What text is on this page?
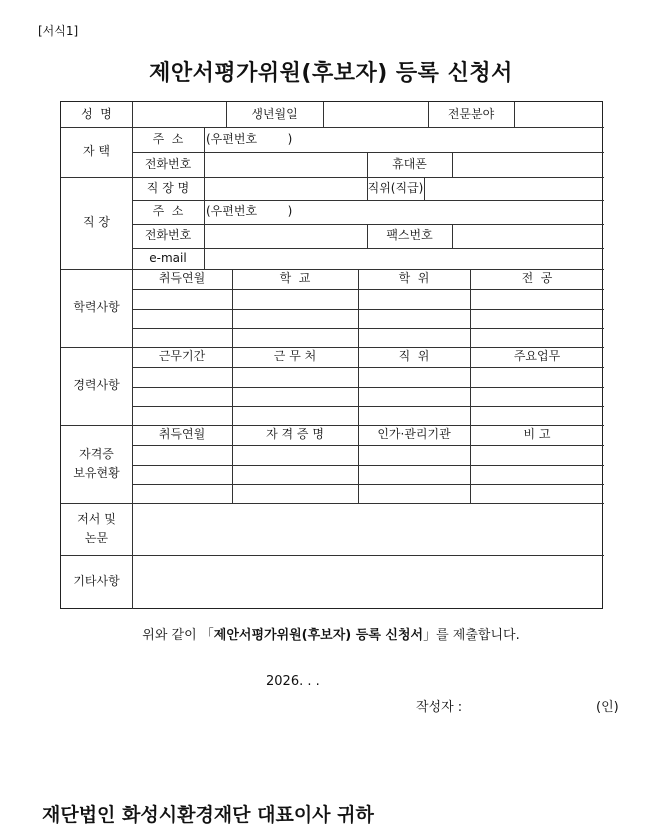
[서식1]
제안서평가위원(후보자) 등록 신청서
성  명	생년월일	전문분야
자 택
주  소	(우편번호        )
전화번호	휴대폰
직 장
직 장 명	직위(직급)
주  소	(우편번호        )
전화번호	팩스번호
e-mail
학력사항
취득연월	학  교	학  위	전  공
경력사항
근무기간	근 무 처	직  위	주요업무
자격증
보유현황
취득연월	자 격 증 명	인가·관리기관	비 고
저서 및
논문
기타사항
위와 같이 「제안서평가위원(후보자) 등록 신청서」를 제출합니다.
2026. . .
작성자 :	(인)
재단법인 화성시환경재단 대표이사 귀하
